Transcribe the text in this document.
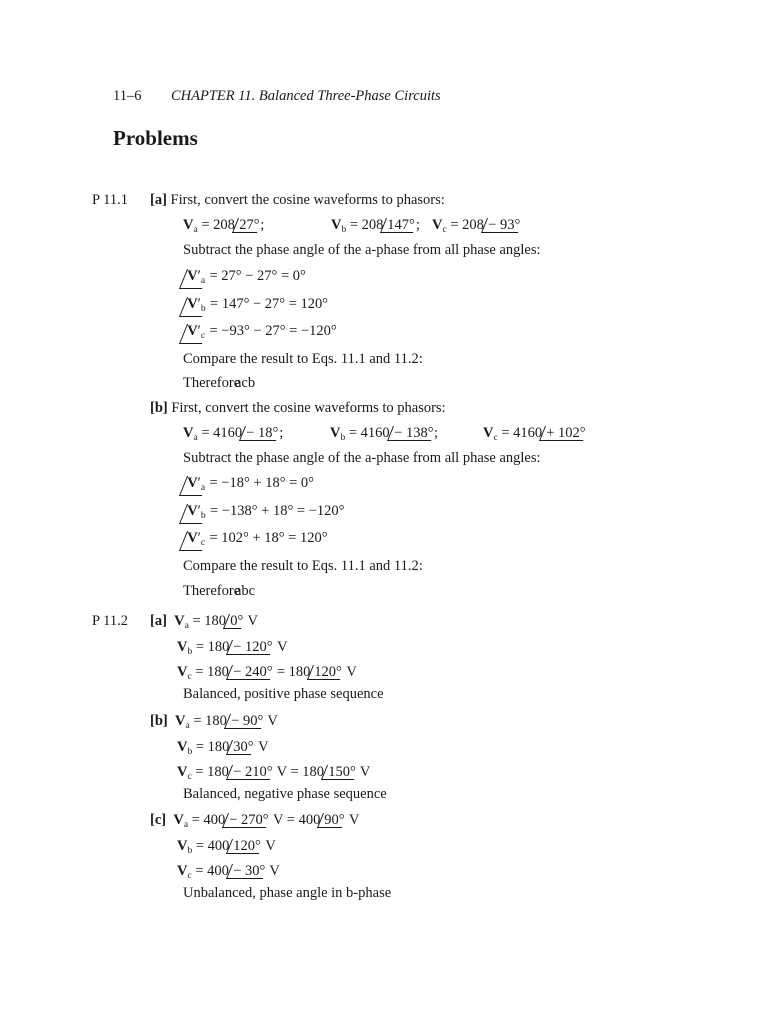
11–6 CHAPTER 11. Balanced Three-Phase Circuits
Problems
P 11.1 [a] First, convert the cosine waveforms to phasors:
$V_a = 208$ 27°;	$V_b = 208$ 147°; $V_c = 208 - 93^\circ$
Subtract the phase angle of the a-phase from all phase angles:
$V'_a = 27^\circ - 27^\circ = 0^\circ$
$V'_b = 147^\circ - 27^\circ = 120^\circ$
$V'_c = -93^\circ - 27^\circ = -120^\circ$
Compare the result to Eqs. 11.1 and 11.2:
Thereforeacb
[b] First, convert the cosine waveforms to phasors:
$V_a = 4160 - 18^\circ$;	$V_b = 4160 - 138^\circ$;	$V_c = 4160 + 102^\circ$
Subtract the phase angle of the a-phase from all phase angles:
$V'_a = -18^\circ + 18^\circ = 0^\circ$
$V'_b = -138^\circ + 18^\circ = -120^\circ$
$V'_c = 102^\circ + 18^\circ = 120^\circ$
Compare the result to Eqs. 11.1 and 11.2:
Thereforeabc
P 11.2 [a] $V_a = 180$ 0° V
$V_b = 180 - 120^\circ$ V
$V_c = 180 - 240^\circ = 180$ 120° V
Balanced, positive phase sequence
[b] $V_a = 180 - 90^\circ$ V
$V_b = 180$ 30° V
$V_c = 180 - 210^\circ$ V = 180 150° V
Balanced, negative phase sequence
[c] $V_a = 400 - 270^\circ$ V = 400 90° V
$V_b = 400$ 120° V
$V_c = 400 - 30^\circ$ V
Unbalanced, phase angle in b-phase
